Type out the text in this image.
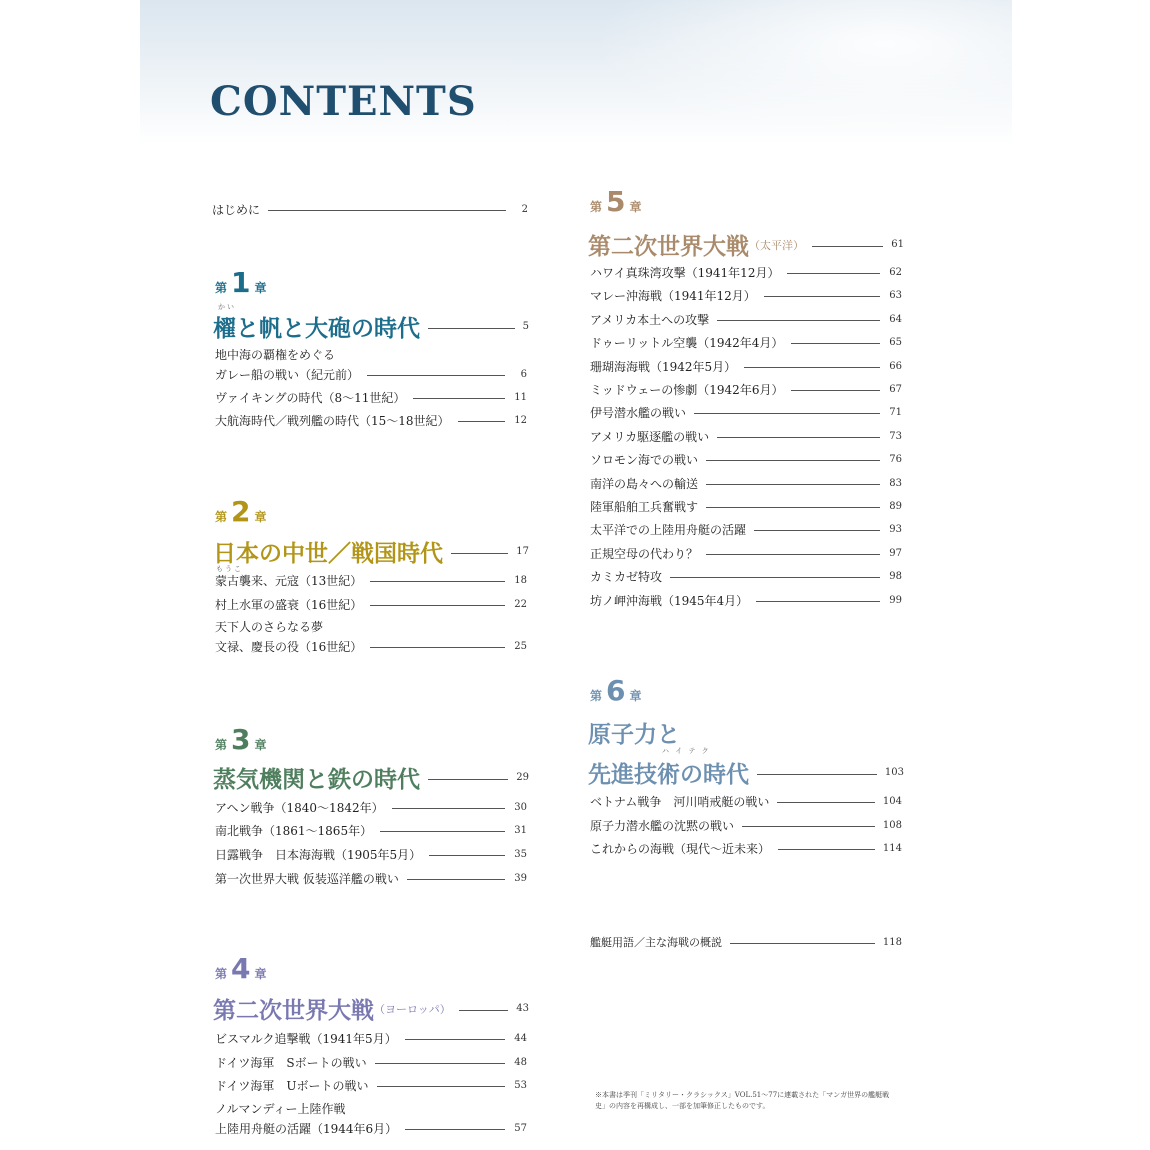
CONTENTS
はじめに	2
第 1 章
かい
櫂と帆と大砲の時代	5
地中海の覇権をめぐる
ガレー船の戦い（紀元前）	6
ヴァイキングの時代（8〜11世紀）	11
大航海時代／戦列艦の時代（15〜18世紀）	12
第 2 章
日本の中世／戦国時代	17
もうこ
蒙古襲来、元寇（13世紀）	18
村上水軍の盛衰（16世紀）	22
天下人のさらなる夢
文禄、慶長の役（16世紀）	25
第 3 章
蒸気機関と鉄の時代	29
アヘン戦争（1840〜1842年）	30
南北戦争（1861〜1865年）	31
日露戦争　日本海海戦（1905年5月）	35
第一次世界大戦 仮装巡洋艦の戦い	39
第 4 章
第二次世界大戦 （ヨーロッパ）	43
ビスマルク追撃戦（1941年5月）	44
ドイツ海軍　Sボートの戦い	48
ドイツ海軍　Uボートの戦い	53
ノルマンディー上陸作戦
上陸用舟艇の活躍（1944年6月）	57
第 5 章
第二次世界大戦 （太平洋）	61
ハワイ真珠湾攻撃（1941年12月）	62
マレー沖海戦（1941年12月）	63
アメリカ本土への攻撃	64
ドゥーリットル空襲（1942年4月）	65
珊瑚海海戦（1942年5月）	66
ミッドウェーの惨劇（1942年6月）	67
伊号潜水艦の戦い	71
アメリカ駆逐艦の戦い	73
ソロモン海での戦い	76
南洋の島々への輸送	83
陸軍船舶工兵奮戦す	89
太平洋での上陸用舟艇の活躍	93
正規空母の代わり？	97
カミカゼ特攻	98
坊ノ岬沖海戦（1945年4月）	99
第 6 章
原子力と
ハ イ テ ク
先進技術の時代	103
ベトナム戦争　河川哨戒艇の戦い	104
原子力潜水艦の沈黙の戦い	108
これからの海戦（現代〜近未来）	114
艦艇用語／主な海戦の概説	118
※本書は季刊「ミリタリー・クラシックス」VOL.51〜77に連載された「マンガ世界の艦艇戦史」の内容を再構成し、一部を加筆修正したものです。
